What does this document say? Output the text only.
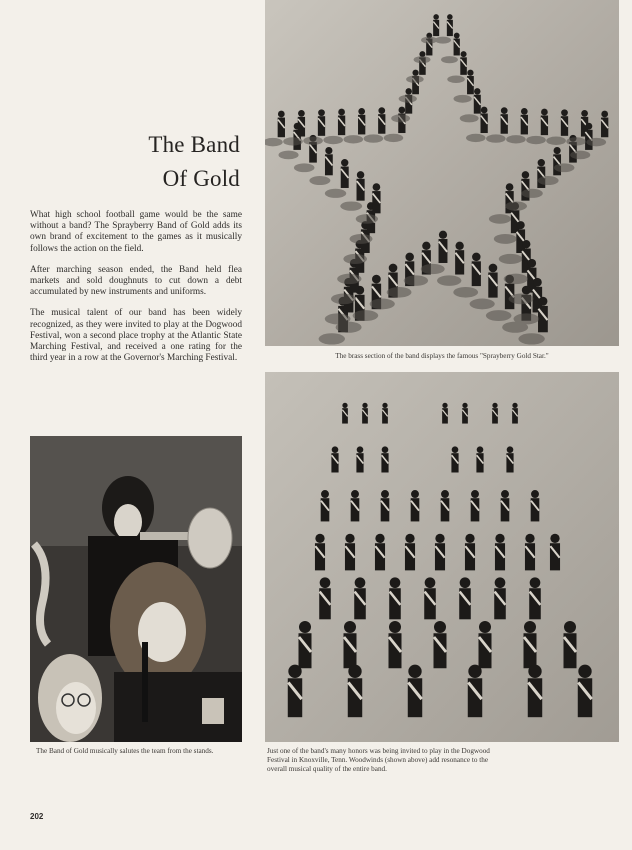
The Band
Of Gold

What high school football game would be the same without a band? The Sprayberry Band of Gold adds its own brand of excitement to the games as it musically follows the action on the field.

After marching season ended, the Band held flea markets and sold doughnuts to cut down a debt accumulated by new instruments and uniforms.

The musical talent of our band has been widely recognized, as they were invited to play at the Dogwood Festival, won a second place trophy at the Atlantic State Marching Festival, and received a one rating for the third year in a row at the Governor's Marching Festival.	The brass section of the band displays the famous "Sprayberry Gold Star."
The Band of Gold musically salutes the team from the stands.	Just one of the band's many honors was being invited to play in the Dogwood Festival in Knoxville, Tenn. Woodwinds (shown above) add resonance to the overall musical quality of the entire band.
202
